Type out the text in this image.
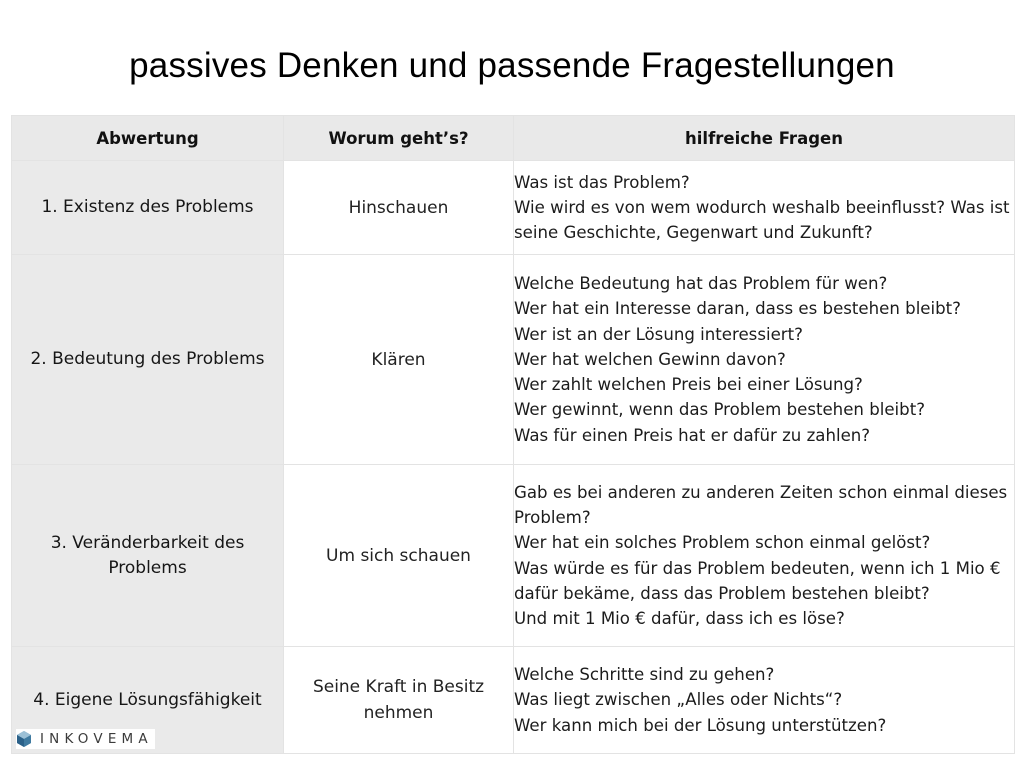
passives Denken und passende Fragestellungen
Abwertung	Worum geht’s?	hilfreiche Fragen
1. Existenz des Problems	Hinschauen	Was ist das Problem?
Wie wird es von wem wodurch weshalb beeinflusst? Was ist seine Geschichte, Gegenwart und Zukunft?

2. Bedeutung des Problems	Klären	
Welche Bedeutung hat das Problem für wen?
Wer hat ein Interesse daran, dass es bestehen bleibt?
Wer ist an der Lösung interessiert?
Wer hat welchen Gewinn davon?
Wer zahlt welchen Preis bei einer Lösung?
Wer gewinnt, wenn das Problem bestehen bleibt?
Was für einen Preis hat er dafür zu zahlen?

3. Veränderbarkeit des Problems	Um sich schauen	Gab es bei anderen zu anderen Zeiten schon einmal dieses Problem?
Wer hat ein solches Problem schon einmal gelöst?
Was würde es für das Problem bedeuten, wenn ich 1 Mio € dafür bekäme, dass das Problem bestehen bleibt?
Und mit 1 Mio € dafür, dass ich es löse?

4. Eigene Lösungsfähigkeit	Seine Kraft in Besitz nehmen	Welche Schritte sind zu gehen?
Was liegt zwischen „Alles oder Nichts“?
Wer kann mich bei der Lösung unterstützen?
INKOVEMA
